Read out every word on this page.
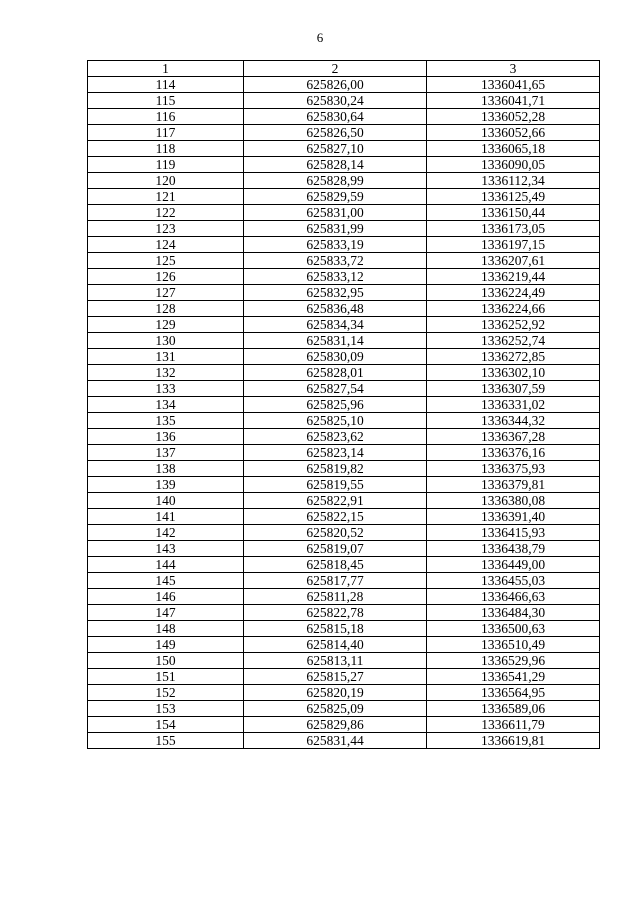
6
1	2	3
114	625826,00	1336041,65
115	625830,24	1336041,71
116	625830,64	1336052,28
117	625826,50	1336052,66
118	625827,10	1336065,18
119	625828,14	1336090,05
120	625828,99	1336112,34
121	625829,59	1336125,49
122	625831,00	1336150,44
123	625831,99	1336173,05
124	625833,19	1336197,15
125	625833,72	1336207,61
126	625833,12	1336219,44
127	625832,95	1336224,49
128	625836,48	1336224,66
129	625834,34	1336252,92
130	625831,14	1336252,74
131	625830,09	1336272,85
132	625828,01	1336302,10
133	625827,54	1336307,59
134	625825,96	1336331,02
135	625825,10	1336344,32
136	625823,62	1336367,28
137	625823,14	1336376,16
138	625819,82	1336375,93
139	625819,55	1336379,81
140	625822,91	1336380,08
141	625822,15	1336391,40
142	625820,52	1336415,93
143	625819,07	1336438,79
144	625818,45	1336449,00
145	625817,77	1336455,03
146	625811,28	1336466,63
147	625822,78	1336484,30
148	625815,18	1336500,63
149	625814,40	1336510,49
150	625813,11	1336529,96
151	625815,27	1336541,29
152	625820,19	1336564,95
153	625825,09	1336589,06
154	625829,86	1336611,79
155	625831,44	1336619,81
